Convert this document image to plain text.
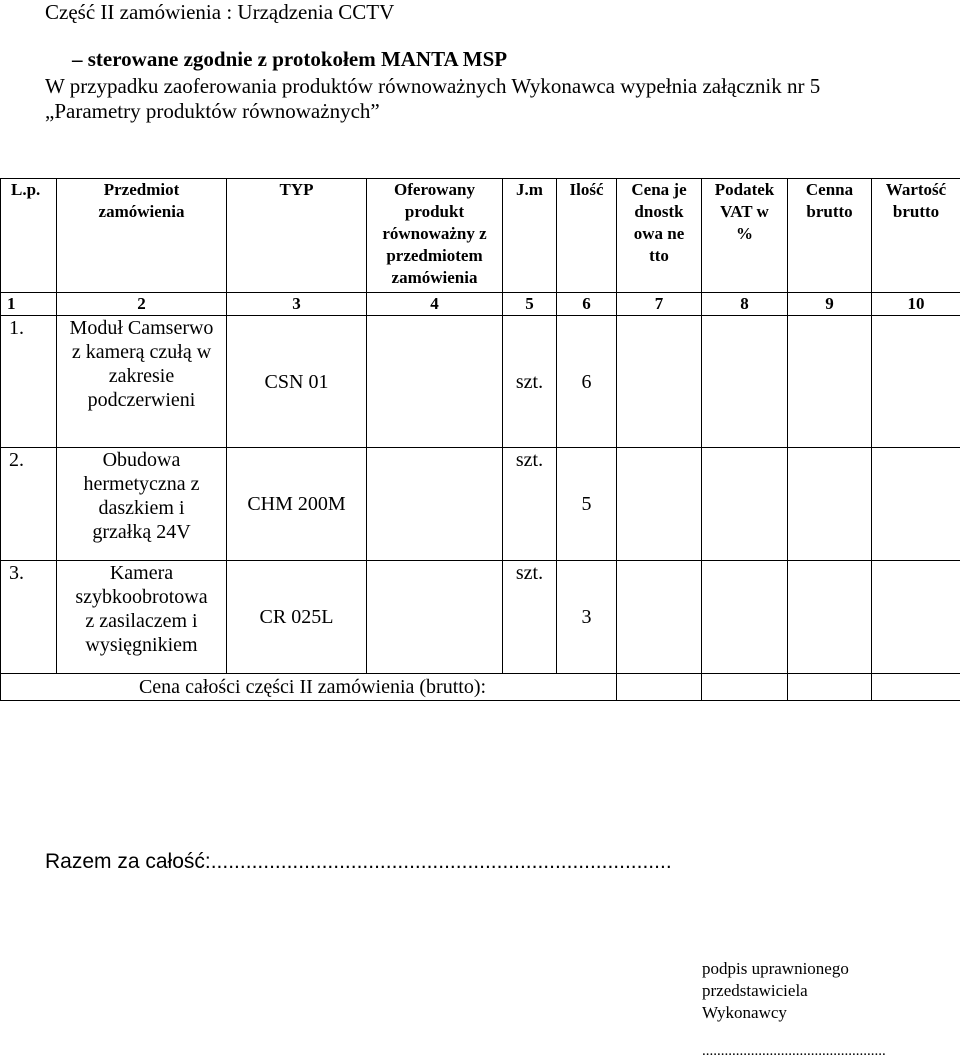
Część II zamówienia : Urządzenia CCTV
– sterowane zgodnie z protokołem MANTA MSP
W przypadku zaoferowania produktów równoważnych Wykonawca wypełnia załącznik nr 5
„Parametry produktów równoważnych”
L.p.	Przedmiot zamówienia	TYP	Oferowany produkt równoważny z przedmiotem zamówienia	J.m	Ilość	Cena jednostkowa netto	Podatek VAT w %	Cenna brutto	Wartość brutto
1	2	3	4	5	6	7	8	9	10
1.	Moduł Camserwo z kamerą czułą w zakresie podczerwieni	CSN 01		szt.	6				
2.	Obudowa hermetyczna z daszkiem i grzałką 24V	CHM 200M		szt.	5				
3.	Kamera szybkoobrotowa z zasilaczem i wysięgnikiem	CR 025L		szt.	3				
Cena całości części II zamówienia (brutto):									
Razem za całość:...............................................................................
podpis uprawnionego
przedstawiciela
Wykonawcy
.................................................
